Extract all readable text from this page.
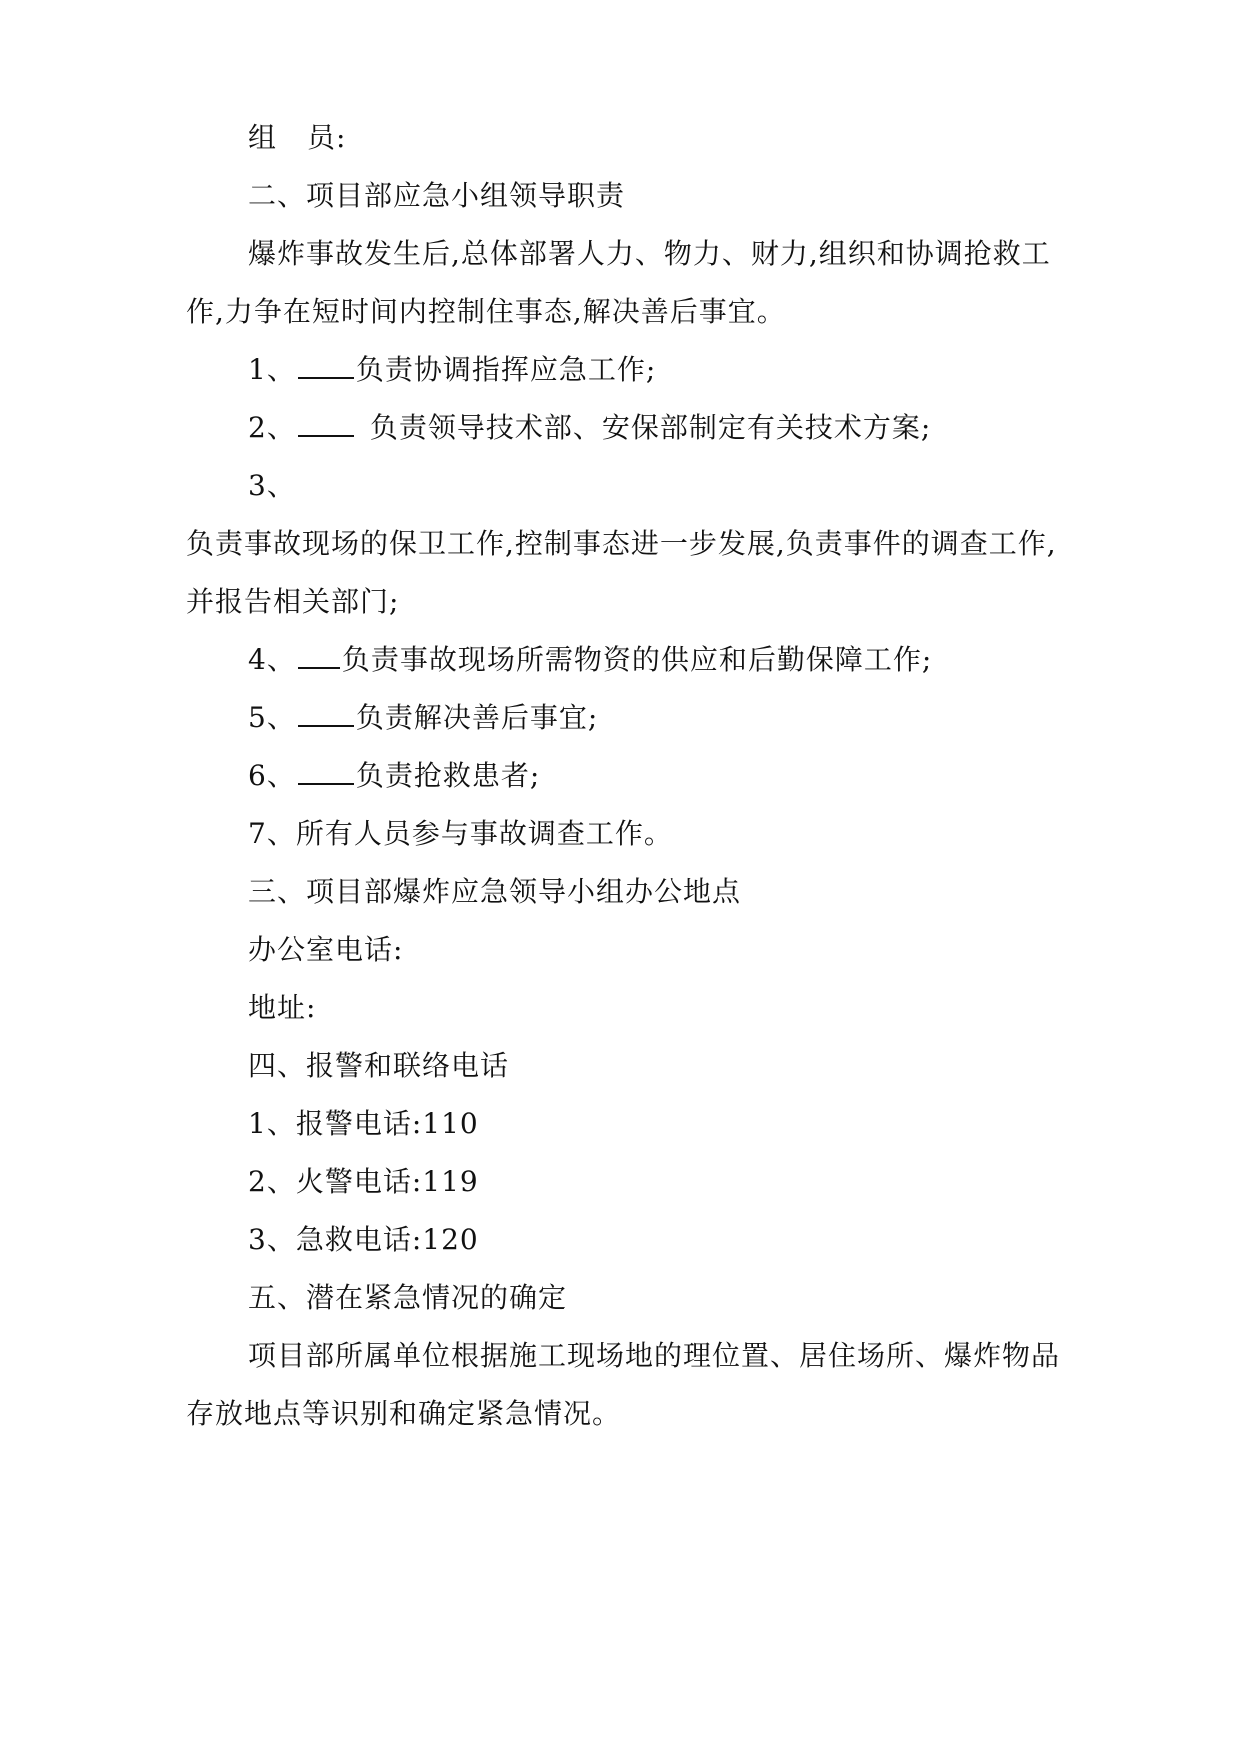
组 员:
二、项目部应急小组领导职责
爆炸事故发生后,总体部署人力、物力、财力,组织和协调抢救工
作,力争在短时间内控制住事态,解决善后事宜。
1、 负责协调指挥应急工作;
2、	负责领导技术部、安保部制定有关技术方案;
3、
负责事故现场的保卫工作,控制事态进一步发展,负责事件的调查工作,
并报告相关部门;
4、 负责事故现场所需物资的供应和后勤保障工作;
5、 负责解决善后事宜;
6、 负责抢救患者;
7、所有人员参与事故调查工作。
三、项目部爆炸应急领导小组办公地点
办公室电话:
地址:
四、报警和联络电话
1、报警电话:110
2、火警电话:119
3、急救电话:120
五、潜在紧急情况的确定
项目部所属单位根据施工现场地的理位置、居住场所、爆炸物品
存放地点等识别和确定紧急情况。
